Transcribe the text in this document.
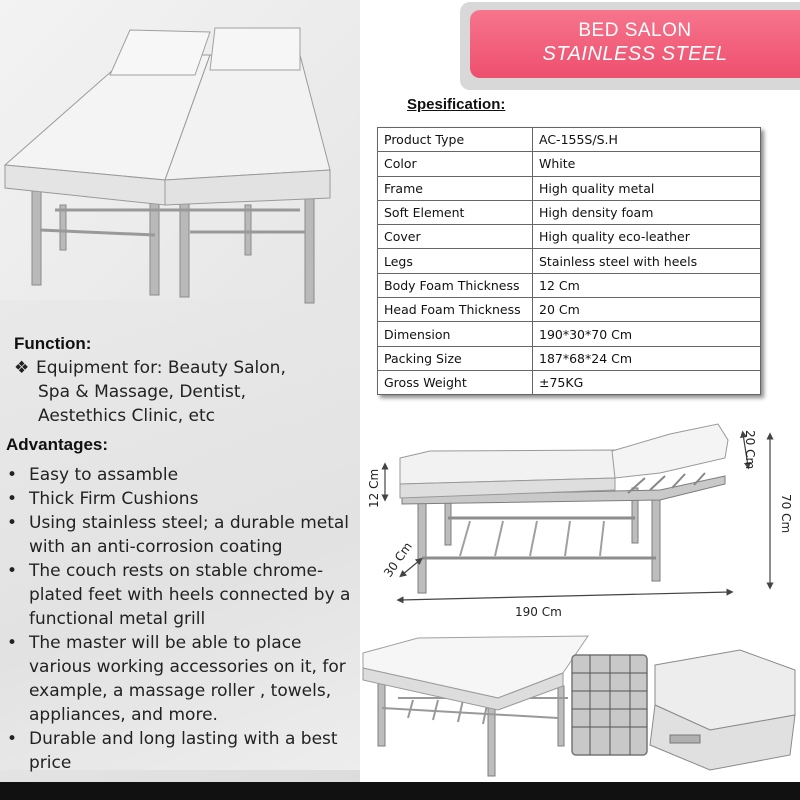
BED SALON
STAINLESS STEEL
Spesification:
Product Type	AC-155S/S.H
Color	White
Frame	High quality metal
Soft Element	High density foam
Cover	High quality eco-leather
Legs	Stainless steel with heels
Body Foam Thickness	12 Cm
Head Foam Thickness	20 Cm
Dimension	190*30*70 Cm
Packing Size	187*68*24 Cm
Gross Weight	±75KG
Function:
❖ Equipment for: Beauty Salon,
Spa & Massage, Dentist,
Aestethics Clinic, etc
Advantages:
• Easy to assamble
• Thick Firm Cushions
• Using stainless steel; a durable metal with an anti-corrosion coating
• The couch rests on stable chrome-plated feet with heels connected by a functional metal grill
• The master will be able to place various working accessories on it, for example, a massage roller , towels, appliances, and more.
• Durable and long lasting with a best price
20 Cm
70 Cm
12 Cm
30 Cm
190 Cm
